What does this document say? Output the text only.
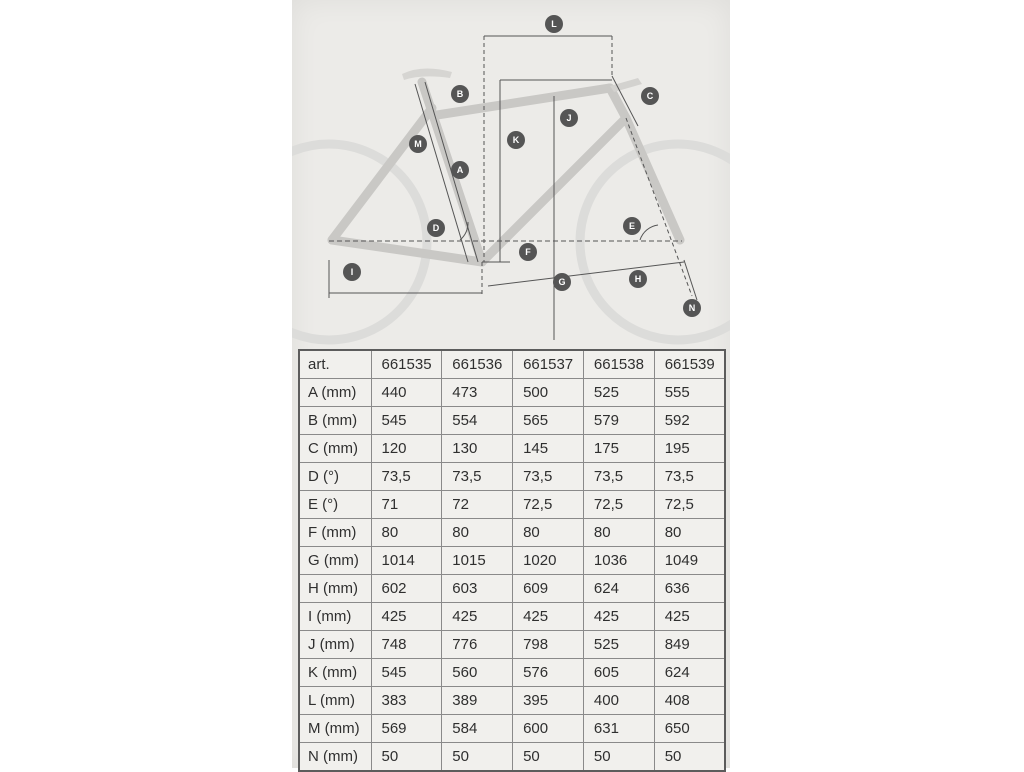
L
B	C
J
K
M
A
D	E
F
I
G	H
N
art.	661535	661536	661537	661538	661539
A (mm)	440	473	500	525	555
B (mm)	545	554	565	579	592
C (mm)	120	130	145	175	195
D (°)	73,5	73,5	73,5	73,5	73,5
E (°)	71	72	72,5	72,5	72,5
F (mm)	80	80	80	80	80
G (mm)	1014	1015	1020	1036	1049
H (mm)	602	603	609	624	636
I (mm)	425	425	425	425	425
J (mm)	748	776	798	525	849
K (mm)	545	560	576	605	624
L (mm)	383	389	395	400	408
M (mm)	569	584	600	631	650
N (mm)	50	50	50	50	50
